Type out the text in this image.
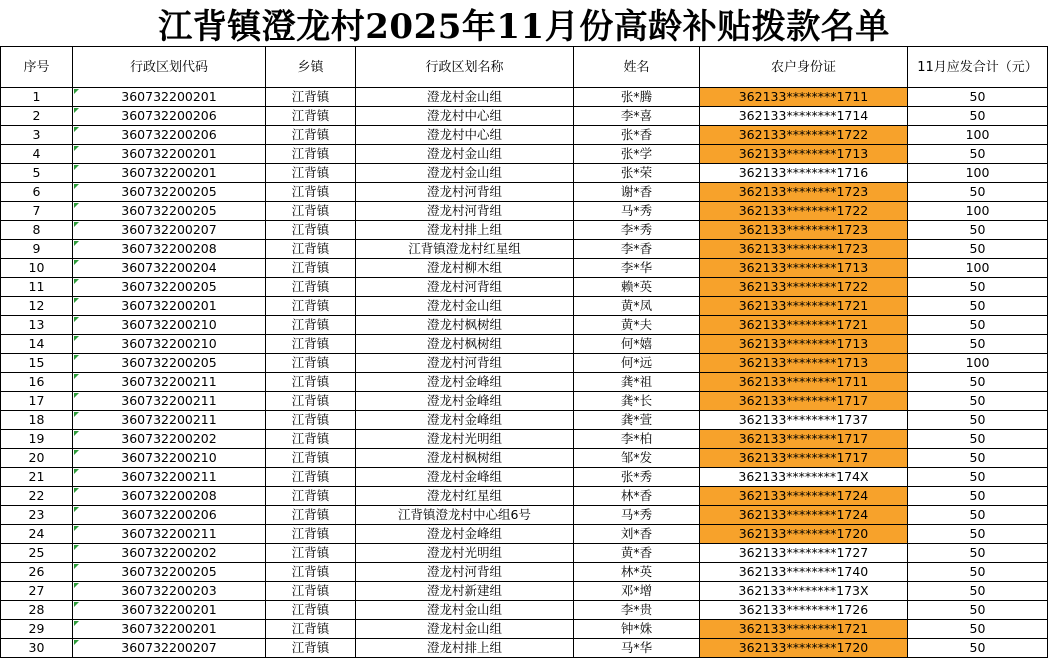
江背镇澄龙村2025年11月份高龄补贴拨款名单
序号	行政区划代码	乡镇	行政区划名称	姓名	农户身份证	11月应发合计（元）
1	360732200201	江背镇	澄龙村金山组	张*腾	362133********1711	50
2	360732200206	江背镇	澄龙村中心组	李*喜	362133********1714	50
3	360732200206	江背镇	澄龙村中心组	张*香	362133********1722	100
4	360732200201	江背镇	澄龙村金山组	张*学	362133********1713	50
5	360732200201	江背镇	澄龙村金山组	张*荣	362133********1716	100
6	360732200205	江背镇	澄龙村河背组	谢*香	362133********1723	50
7	360732200205	江背镇	澄龙村河背组	马*秀	362133********1722	100
8	360732200207	江背镇	澄龙村排上组	李*秀	362133********1723	50
9	360732200208	江背镇	江背镇澄龙村红星组	李*香	362133********1723	50
10	360732200204	江背镇	澄龙村柳木组	李*华	362133********1713	100
11	360732200205	江背镇	澄龙村河背组	赖*英	362133********1722	50
12	360732200201	江背镇	澄龙村金山组	黄*凤	362133********1721	50
13	360732200210	江背镇	澄龙村枫树组	黄*夫	362133********1721	50
14	360732200210	江背镇	澄龙村枫树组	何*嬉	362133********1713	50
15	360732200205	江背镇	澄龙村河背组	何*远	362133********1713	100
16	360732200211	江背镇	澄龙村金峰组	龚*祖	362133********1711	50
17	360732200211	江背镇	澄龙村金峰组	龚*长	362133********1717	50
18	360732200211	江背镇	澄龙村金峰组	龚*萱	362133********1737	50
19	360732200202	江背镇	澄龙村光明组	李*柏	362133********1717	50
20	360732200210	江背镇	澄龙村枫树组	邹*发	362133********1717	50
21	360732200211	江背镇	澄龙村金峰组	张*秀	362133********174X	50
22	360732200208	江背镇	澄龙村红星组	林*香	362133********1724	50
23	360732200206	江背镇	江背镇澄龙村中心组6号	马*秀	362133********1724	50
24	360732200211	江背镇	澄龙村金峰组	刘*香	362133********1720	50
25	360732200202	江背镇	澄龙村光明组	黄*香	362133********1727	50
26	360732200205	江背镇	澄龙村河背组	林*英	362133********1740	50
27	360732200203	江背镇	澄龙村新建组	邓*增	362133********173X	50
28	360732200201	江背镇	澄龙村金山组	李*贵	362133********1726	50
29	360732200201	江背镇	澄龙村金山组	钟*姝	362133********1721	50
30	360732200207	江背镇	澄龙村排上组	马*华	362133********1720	50
